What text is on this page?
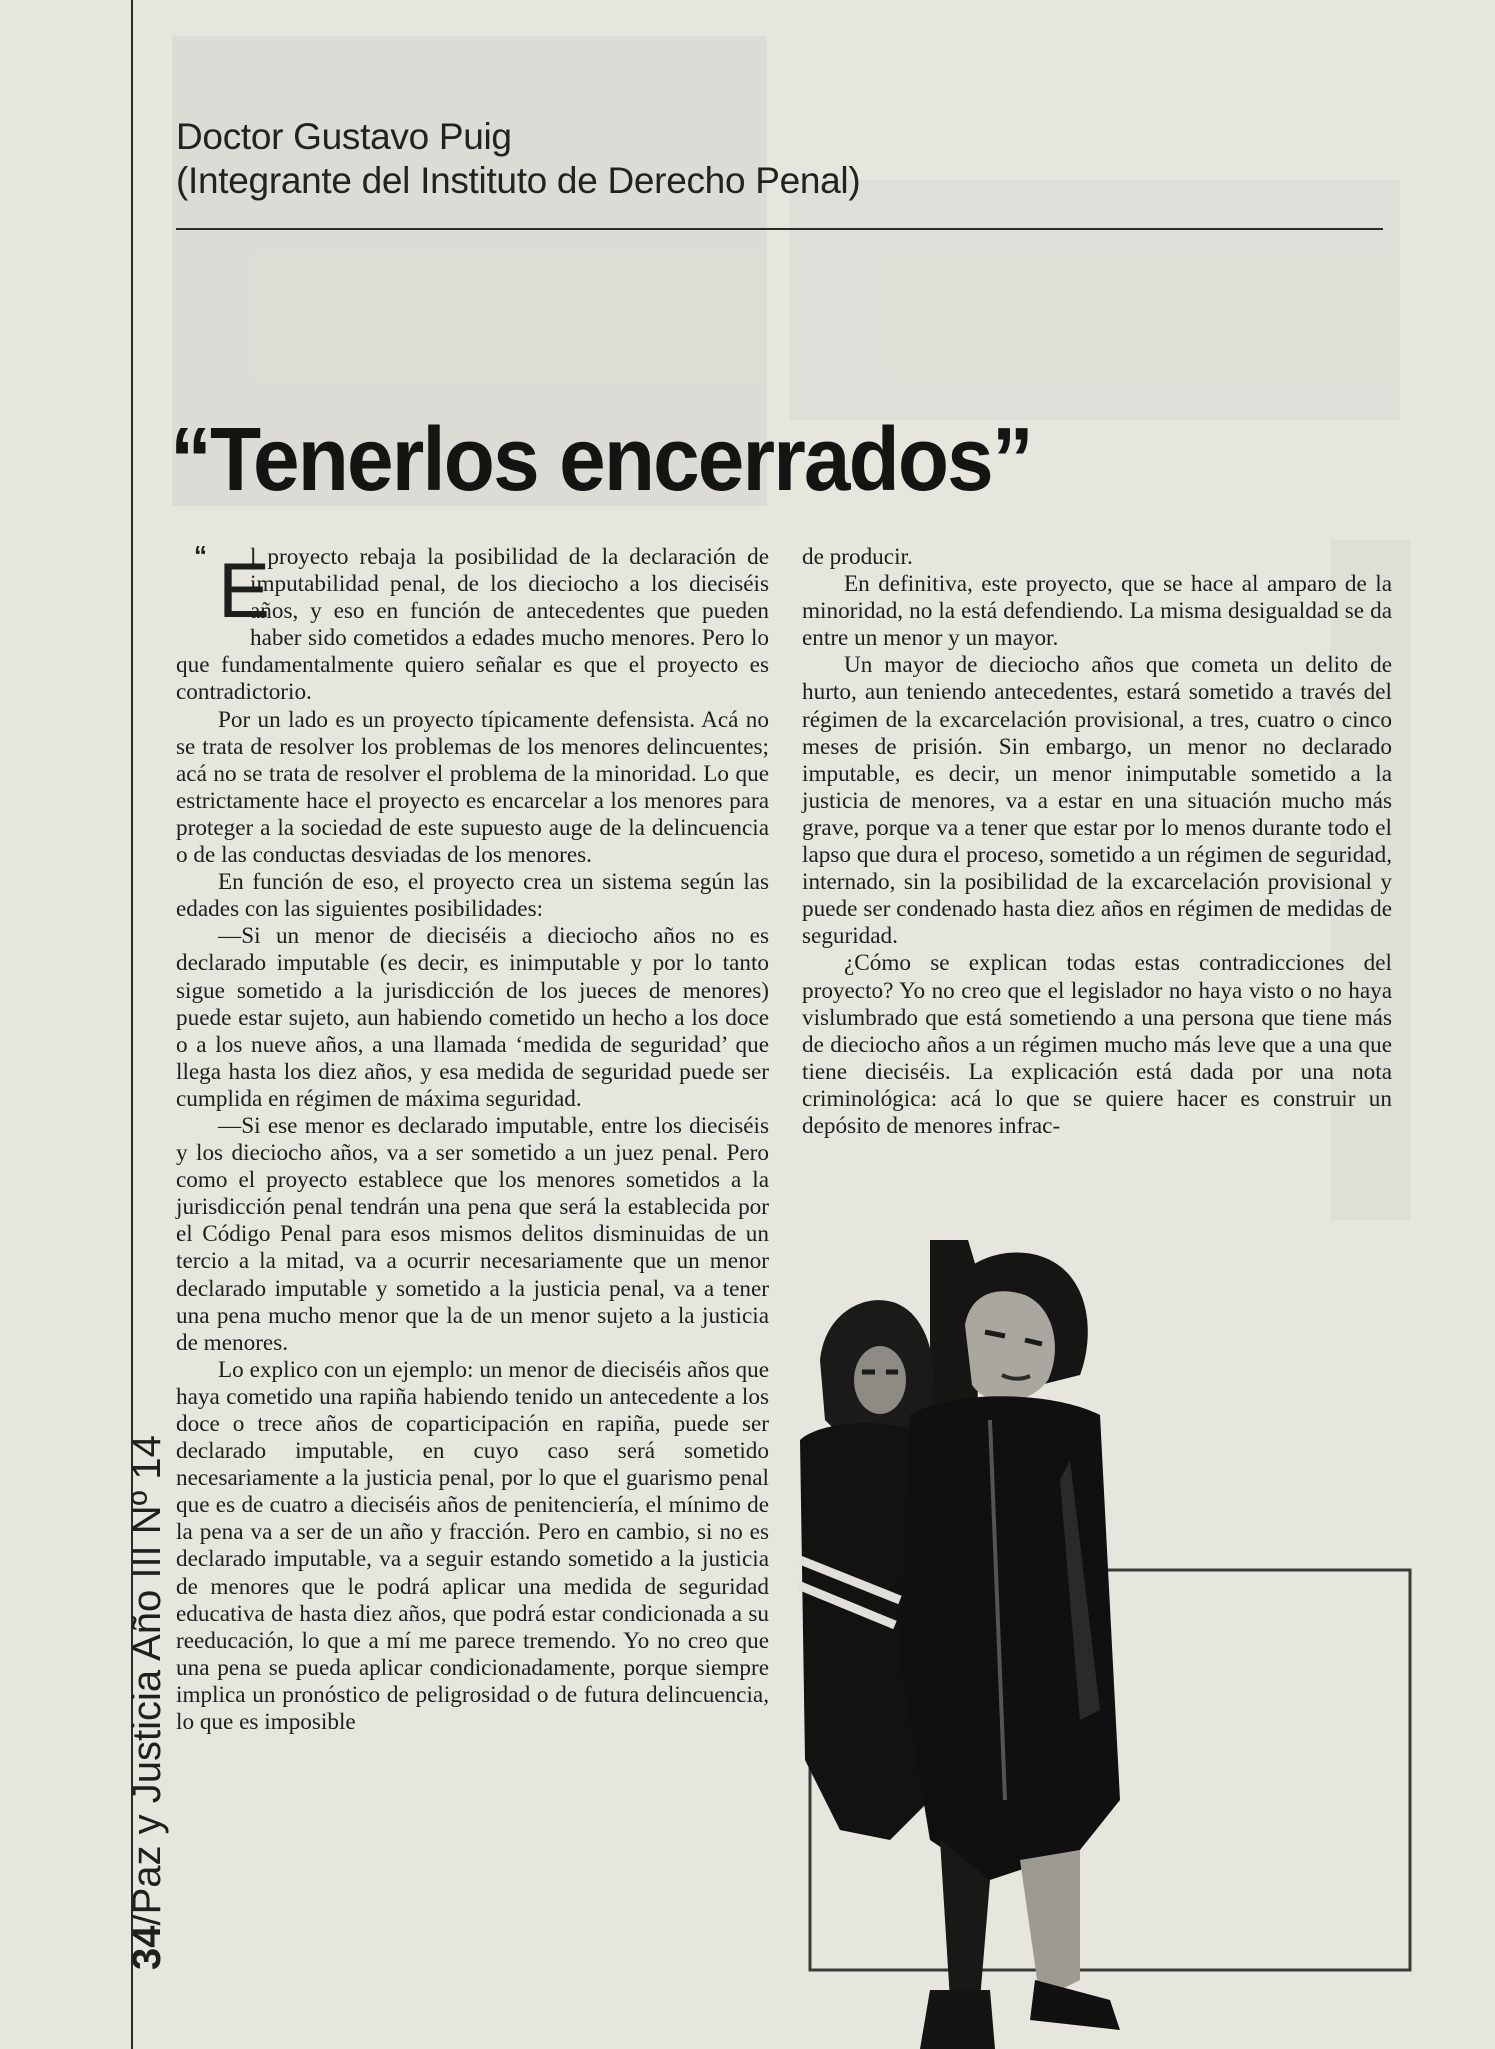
34/Paz y Justicia Año III Nº 14
Doctor Gustavo Puig
(Integrante del Instituto de Derecho Penal)
“Tenerlos encerrados”

“ E
l proyecto rebaja la posibilidad de la declaración de imputabilidad penal, de los dieciocho a los dieciséis años, y eso en función de antecedentes que pueden haber sido cometidos a edades mucho menores. Pero lo que fundamentalmente quiero señalar es que el proyecto es contradictorio.

Por un lado es un proyecto típicamente defensista. Acá no se trata de resolver los problemas de los menores delincuentes; acá no se trata de resolver el problema de la minoridad. Lo que estrictamente hace el proyecto es encarcelar a los menores para proteger a la sociedad de este supuesto auge de la delincuencia o de las conductas desviadas de los menores.

En función de eso, el proyecto crea un sistema según las edades con las siguientes posibilidades:

—Si un menor de dieciséis a dieciocho años no es declarado imputable (es decir, es inimputable y por lo tanto sigue sometido a la jurisdicción de los jueces de menores) puede estar sujeto, aun habiendo cometido un hecho a los doce o a los nueve años, a una llamada ‘medida de seguridad’ que llega hasta los diez años, y esa medida de seguridad puede ser cumplida en régimen de máxima seguridad.

—Si ese menor es declarado imputable, entre los dieciséis y los dieciocho años, va a ser sometido a un juez penal. Pero como el proyecto establece que los menores sometidos a la jurisdicción penal tendrán una pena que será la establecida por el Código Penal para esos mismos delitos disminuidas de un tercio a la mitad, va a ocurrir necesariamente que un menor declarado imputable y sometido a la justicia penal, va a tener una pena mucho menor que la de un menor sujeto a la justicia de menores.

Lo explico con un ejemplo: un menor de dieciséis años que haya cometido una rapiña habiendo tenido un antecedente a los doce o trece años de coparticipación en rapiña, puede ser declarado imputable, en cuyo caso será sometido necesariamente a la justicia penal, por lo que el guarismo penal que es de cuatro a dieciséis años de penitenciería, el mínimo de la pena va a ser de un año y fracción. Pero en cambio, si no es declarado imputable, va a seguir estando sometido a la justicia de menores que le podrá aplicar una medida de seguridad educativa de hasta diez años, que podrá estar condicionada a su reeducación, lo que a mí me parece tremendo. Yo no creo que una pena se pueda aplicar condicionadamente, porque siempre implica un pronóstico de peligrosidad o de futura delincuencia, lo que es imposible

de producir.

En definitiva, este proyecto, que se hace al amparo de la minoridad, no la está defendiendo. La misma desigualdad se da entre un menor y un mayor.

Un mayor de dieciocho años que cometa un delito de hurto, aun teniendo antecedentes, estará sometido a través del régimen de la excarcelación provisional, a tres, cuatro o cinco meses de prisión. Sin embargo, un menor no declarado imputable, es decir, un menor inimputable sometido a la justicia de menores, va a estar en una situación mucho más grave, porque va a tener que estar por lo menos durante todo el lapso que dura el proceso, sometido a un régimen de seguridad, internado, sin la posibilidad de la excarcelación provisional y puede ser condenado hasta diez años en régimen de medidas de seguridad.

¿Cómo se explican todas estas contradicciones del proyecto? Yo no creo que el legislador no haya visto o no haya vislumbrado que está sometiendo a una persona que tiene más de dieciocho años a un régimen mucho más leve que a una que tiene dieciséis. La explicación está dada por una nota criminológica: acá lo que se quiere hacer es construir un depósito de menores infrac-
